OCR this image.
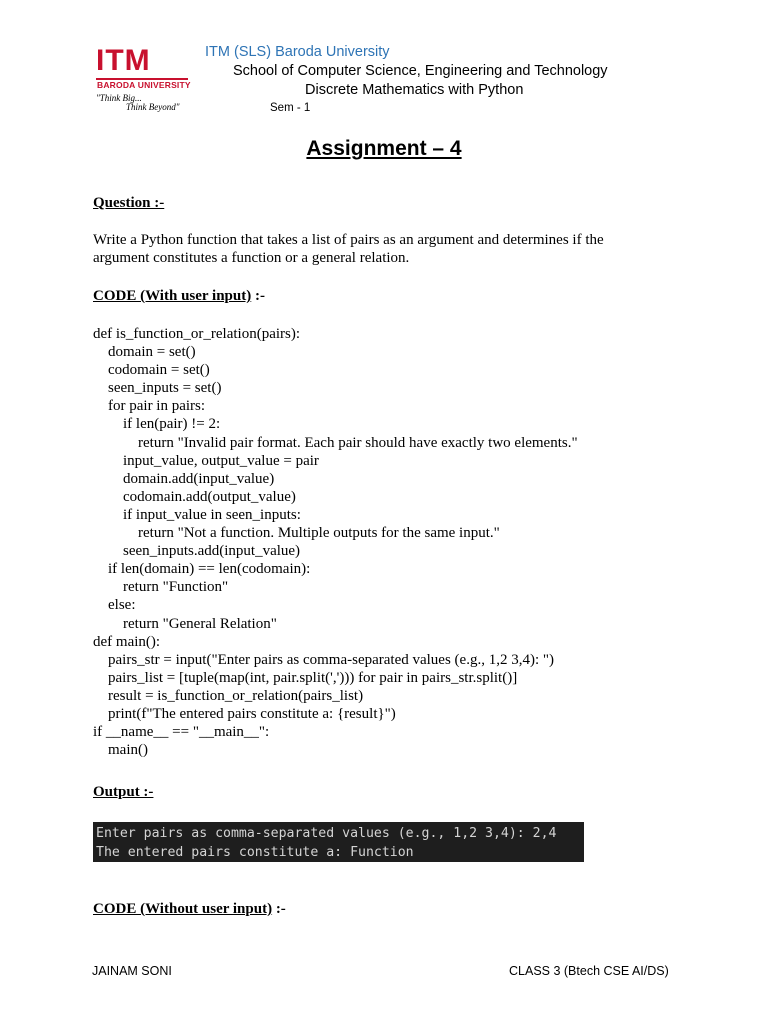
ITM
BARODA UNIVERSITY
"Think Big...
Think Beyond"
ITM (SLS) Baroda University
School of Computer Science, Engineering and Technology
Discrete Mathematics with Python
Sem - 1
Assignment – 4
Question :-
Write a Python function that takes a list of pairs as an argument and determines if the
argument constitutes a function or a general relation.
CODE (With user input) :-
def is_function_or_relation(pairs):
domain = set()
codomain = set()
seen_inputs = set()
for pair in pairs:
if len(pair) != 2:
return "Invalid pair format. Each pair should have exactly two elements."
input_value, output_value = pair
domain.add(input_value)
codomain.add(output_value)
if input_value in seen_inputs:
return "Not a function. Multiple outputs for the same input."
seen_inputs.add(input_value)
if len(domain) == len(codomain):
return "Function"
else:
return "General Relation"
def main():
pairs_str = input("Enter pairs as comma-separated values (e.g., 1,2 3,4): ")
pairs_list = [tuple(map(int, pair.split(','))) for pair in pairs_str.split()]
result = is_function_or_relation(pairs_list)
print(f"The entered pairs constitute a: {result}")
if __name__ == "__main__":
main()
Output :-
Enter pairs as comma-separated values (e.g., 1,2 3,4): 2,4
The entered pairs constitute a: Function
CODE (Without user input) :-
JAINAM SONI	CLASS 3 (Btech CSE AI/DS)
